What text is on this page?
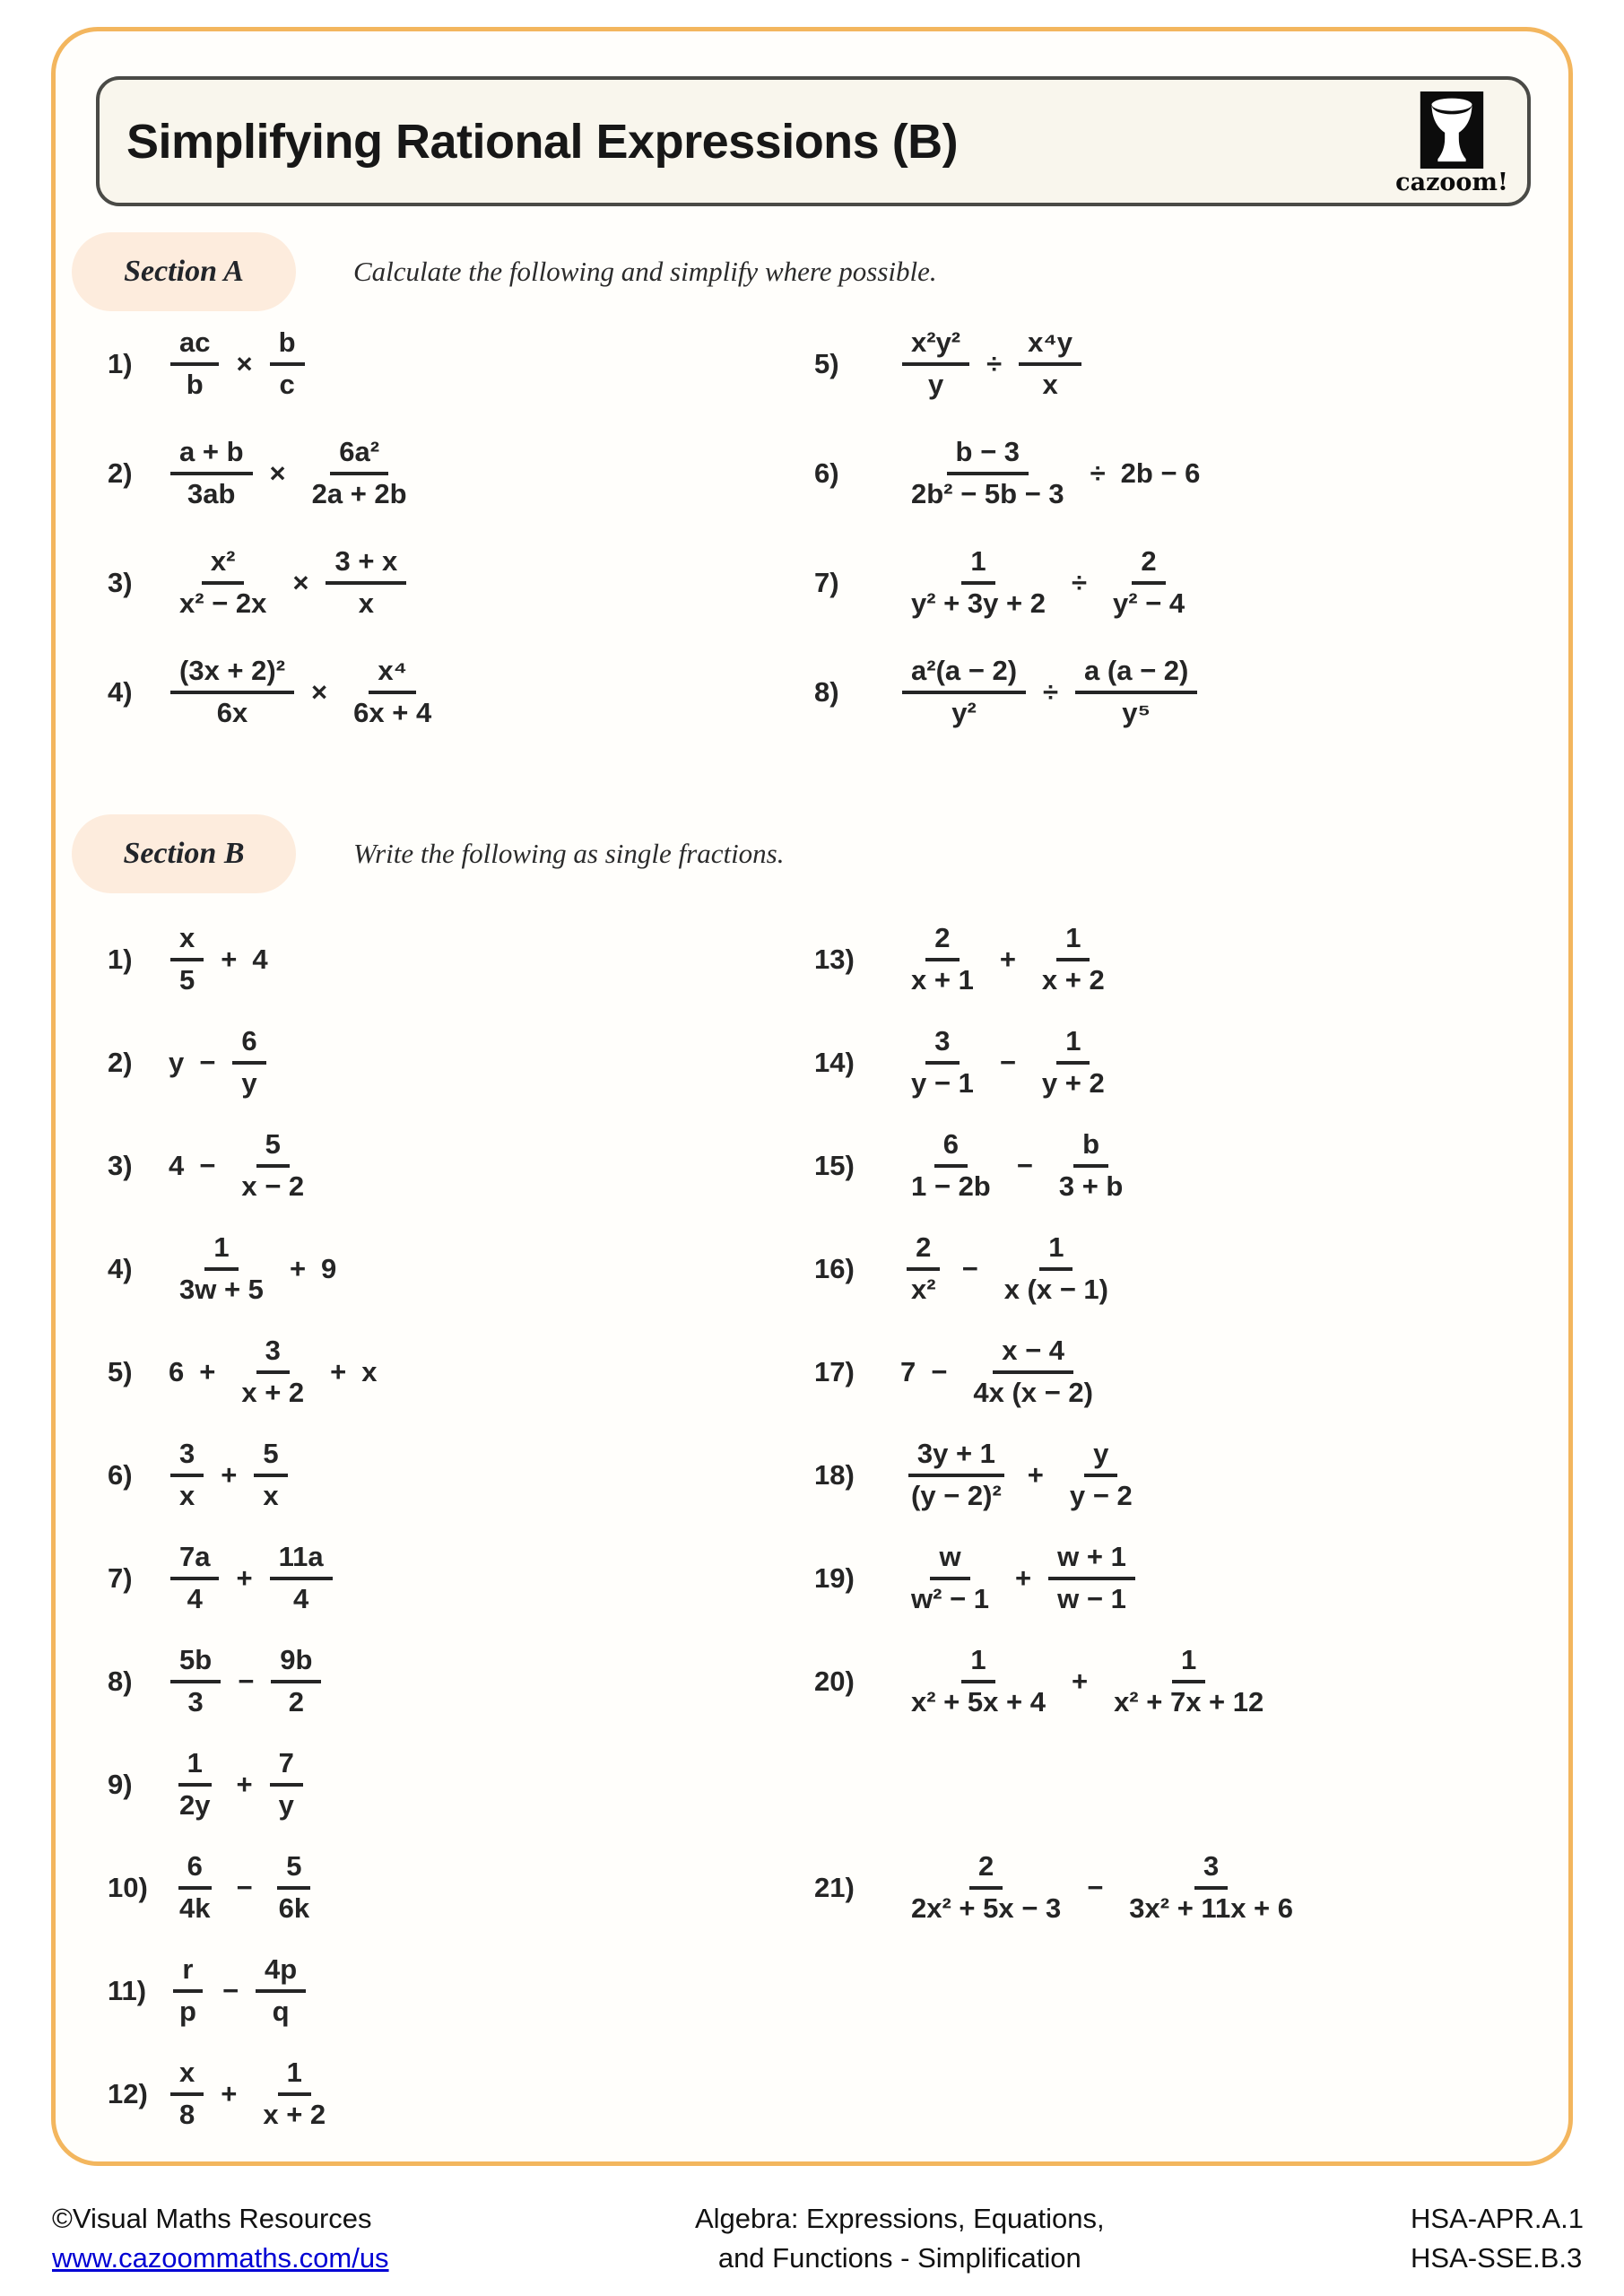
Simplifying Rational Expressions (B)
cazoom!
Section A	Calculate the following and simplify where possible.
1)	$\frac{ac}{b} \times \frac{b}{c}$
2)	$\frac{a + b}{3ab} \times \frac{\text{6a²}}{2a + 2b}$
3)	$\frac{\text{x²}}{\text{x² − 2x}} \times \frac{3 + x}{x}$
4)	$\frac{\text{(3x + 2)²}}{6x} \times \frac{\text{x⁴}}{6x + 4}$
5)	$\frac{\text{x²y²}}{y} \div \frac{\text{x⁴y}}{x}$
6)	$\frac{b - 3}{\text{2b² − 5b − 3}} \div 2b - 6$
7)	$\frac{1}{\text{y² + 3y + 2}} \div \frac{2}{\text{y² − 4}}$
8)	$\frac{\text{a²(a − 2)}}{\text{y²}} \div \frac{a (a - 2)}{\text{y⁵}}$
Section B	Write the following as single fractions.
1)	$\frac{x}{5} + 4$
2)	$y - \frac{6}{y}$
3)	$4 - \frac{5}{x - 2}$
4)	$\frac{1}{3w + 5} + 9$
5)	$6 + \frac{3}{x + 2} + x$
6)	$\frac{3}{x} + \frac{5}{x}$
7)	$\frac{7a}{4} + \frac{11a}{4}$
8)	$\frac{5b}{3} - \frac{9b}{2}$
9)	$\frac{1}{2y} + \frac{7}{y}$
$10) \frac{6}{4k} - \frac{5}{6k}$
$11) \frac{r}{p} - \frac{4p}{q}$
$12) \frac{x}{8} + \frac{1}{x + 2}$
13)	$\frac{2}{x + 1} + \frac{1}{x + 2}$
14)	$\frac{3}{y - 1} - \frac{1}{y + 2}$
15)	$\frac{6}{1 - 2b} - \frac{b}{3 + b}$
16)	$\frac{2}{\text{x²}} - \frac{1}{x (x - 1)}$
17)	$7 - \frac{x - 4}{4x (x - 2)}$
18)	$\frac{3y + 1}{\text{(y − 2)²}} + \frac{y}{y - 2}$
19)	$\frac{w}{\text{w² − 1}} + \frac{w + 1}{w - 1}$
20)	$\frac{1}{\text{x² + 5x + 4}} + \frac{1}{\text{x² + 7x + 12}}$
21)	$\frac{2}{\text{2x² + 5x − 3}} - \frac{3}{\text{3x² + 11x + 6}}$
©Visual Maths Resources
www.cazoommaths.com/us
Algebra: Expressions, Equations,
and Functions - Simplification
HSA-APR.A.1
HSA-SSE.B.3
